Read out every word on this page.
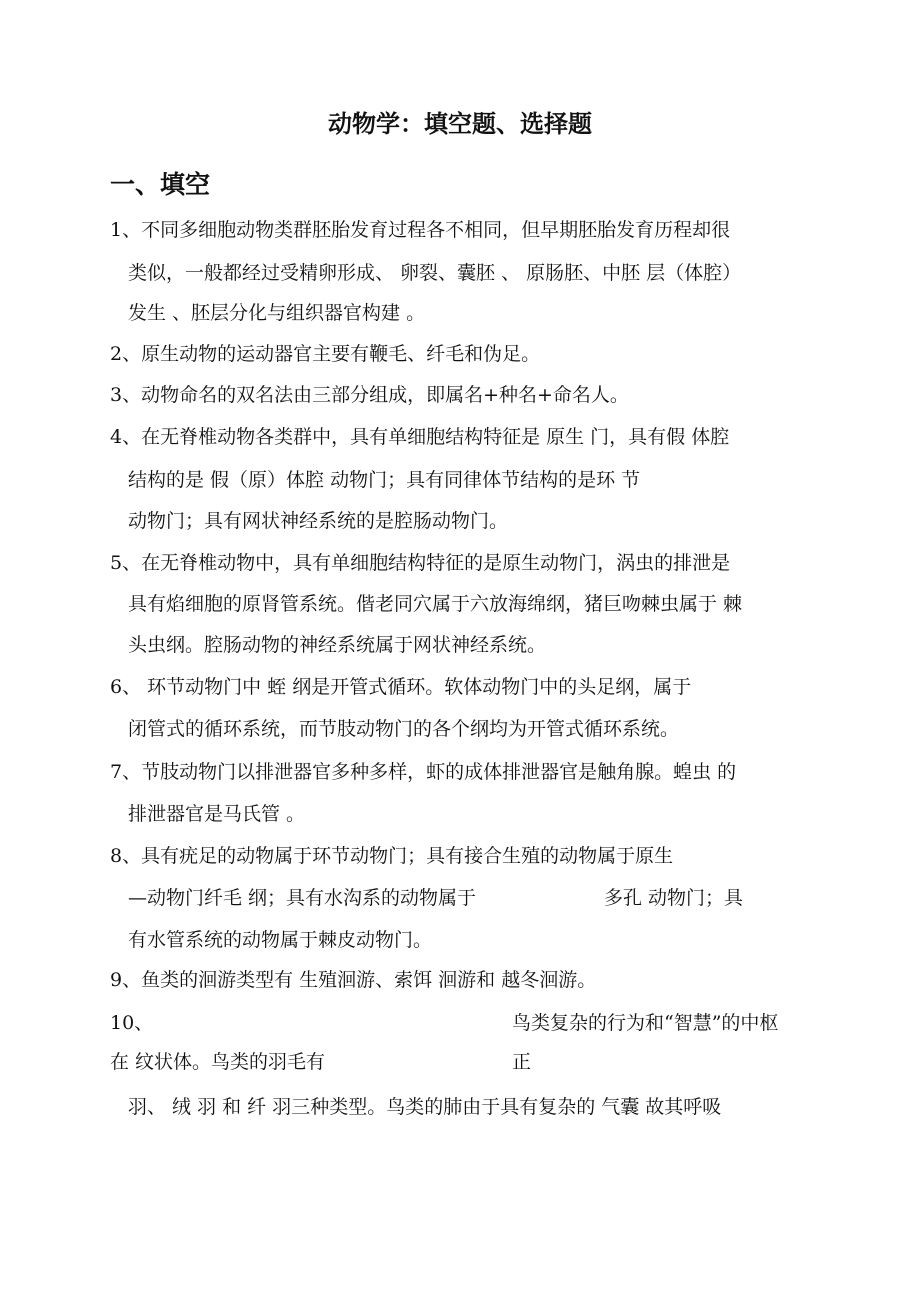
动物学：填空题、选择题
一、填空
1、不同多细胞动物类群胚胎发育过程各不相同，但早期胚胎发育历程却很
类似，一般都经过受精卵形成、 卵裂、囊胚 、 原肠胚、中胚 层（体腔）
发生 、胚层分化与组织器官构建 。
2、原生动物的运动器官主要有鞭毛、纤毛和伪足。
3、动物命名的双名法由三部分组成，即属名+种名+命名人。
4、在无脊椎动物各类群中，具有单细胞结构特征是 原生 门，具有假 体腔
结构的是 假（原）体腔 动物门；具有同律体节结构的是环 节
动物门；具有网状神经系统的是腔肠动物门。
5、在无脊椎动物中，具有单细胞结构特征的是原生动物门，涡虫的排泄是
具有焰细胞的原肾管系统。偕老同穴属于六放海绵纲，猪巨吻棘虫属于 棘
头虫纲。腔肠动物的神经系统属于网状神经系统。
6、 环节动物门中 蛭 纲是开管式循环。软体动物门中的头足纲，属于
闭管式的循环系统，而节肢动物门的各个纲均为开管式循环系统。
7、节肢动物门以排泄器官多种多样，虾的成体排泄器官是触角腺。蝗虫 的
排泄器官是马氏管 。
8、具有疣足的动物属于环节动物门；具有接合生殖的动物属于原生
—动物门纤毛 纲；具有水沟系的动物属于	多孔 动物门；具
有水管系统的动物属于棘皮动物门。
9、鱼类的洄游类型有 生殖洄游、索饵 洄游和 越冬洄游。
10、	鸟类复杂的行为和“智慧”的中枢
在 纹状体。鸟类的羽毛有	正
羽、 绒 羽 和 纤 羽三种类型。鸟类的肺由于具有复杂的 气囊 故其呼吸
